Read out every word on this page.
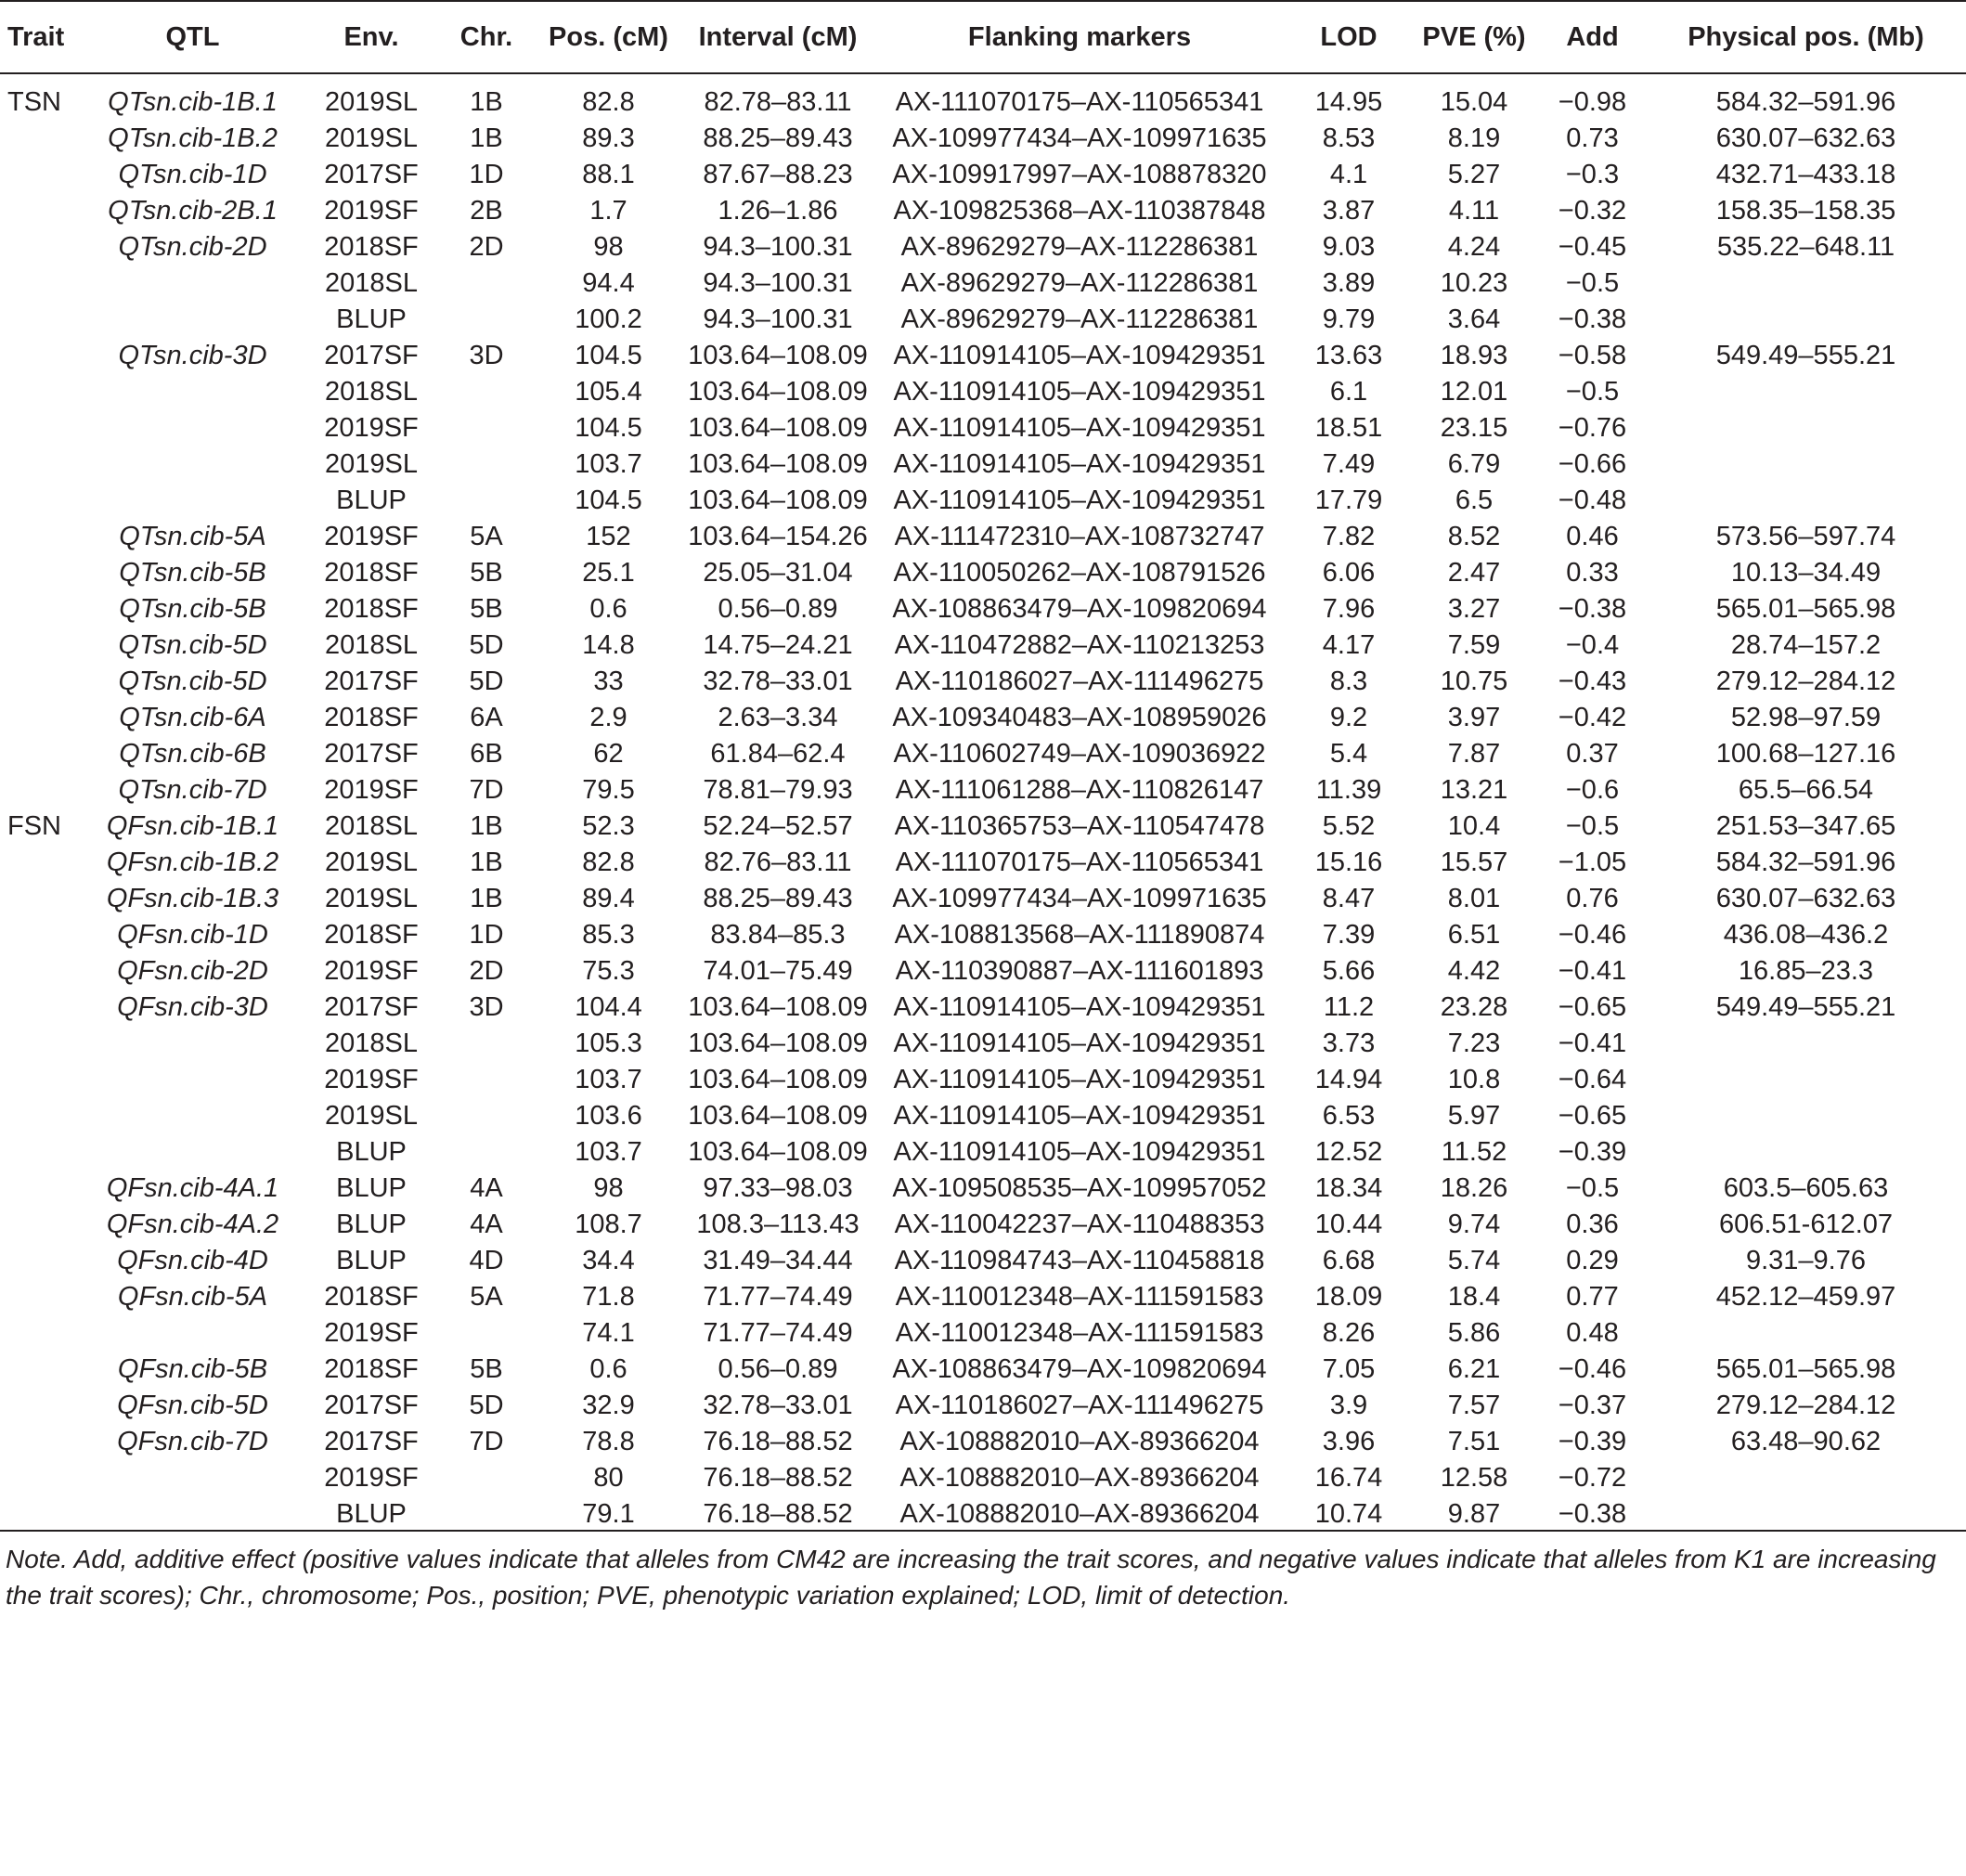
Trait	QTL	Env.	Chr.	Pos. (cM)	Interval (cM)	Flanking markers	LOD	PVE (%)	Add	Physical pos. (Mb)
TSN	QTsn.cib-1B.1	2019SL	1B	82.8	82.78–83.11	AX-111070175–AX-110565341	14.95	15.04	−0.98	584.32–591.96
	QTsn.cib-1B.2	2019SL	1B	89.3	88.25–89.43	AX-109977434–AX-109971635	8.53	8.19	0.73	630.07–632.63
	QTsn.cib-1D	2017SF	1D	88.1	87.67–88.23	AX-109917997–AX-108878320	4.1	5.27	−0.3	432.71–433.18
	QTsn.cib-2B.1	2019SF	2B	1.7	1.26–1.86	AX-109825368–AX-110387848	3.87	4.11	−0.32	158.35–158.35
	QTsn.cib-2D	2018SF	2D	98	94.3–100.31	AX-89629279–AX-112286381	9.03	4.24	−0.45	535.22–648.11
		2018SL		94.4	94.3–100.31	AX-89629279–AX-112286381	3.89	10.23	−0.5	
		BLUP		100.2	94.3–100.31	AX-89629279–AX-112286381	9.79	3.64	−0.38	
	QTsn.cib-3D	2017SF	3D	104.5	103.64–108.09	AX-110914105–AX-109429351	13.63	18.93	−0.58	549.49–555.21
		2018SL		105.4	103.64–108.09	AX-110914105–AX-109429351	6.1	12.01	−0.5	
		2019SF		104.5	103.64–108.09	AX-110914105–AX-109429351	18.51	23.15	−0.76	
		2019SL		103.7	103.64–108.09	AX-110914105–AX-109429351	7.49	6.79	−0.66	
		BLUP		104.5	103.64–108.09	AX-110914105–AX-109429351	17.79	6.5	−0.48	
	QTsn.cib-5A	2019SF	5A	152	103.64–154.26	AX-111472310–AX-108732747	7.82	8.52	0.46	573.56–597.74
	QTsn.cib-5B	2018SF	5B	25.1	25.05–31.04	AX-110050262–AX-108791526	6.06	2.47	0.33	10.13–34.49
	QTsn.cib-5B	2018SF	5B	0.6	0.56–0.89	AX-108863479–AX-109820694	7.96	3.27	−0.38	565.01–565.98
	QTsn.cib-5D	2018SL	5D	14.8	14.75–24.21	AX-110472882–AX-110213253	4.17	7.59	−0.4	28.74–157.2
	QTsn.cib-5D	2017SF	5D	33	32.78–33.01	AX-110186027–AX-111496275	8.3	10.75	−0.43	279.12–284.12
	QTsn.cib-6A	2018SF	6A	2.9	2.63–3.34	AX-109340483–AX-108959026	9.2	3.97	−0.42	52.98–97.59
	QTsn.cib-6B	2017SF	6B	62	61.84–62.4	AX-110602749–AX-109036922	5.4	7.87	0.37	100.68–127.16
	QTsn.cib-7D	2019SF	7D	79.5	78.81–79.93	AX-111061288–AX-110826147	11.39	13.21	−0.6	65.5–66.54
FSN	QFsn.cib-1B.1	2018SL	1B	52.3	52.24–52.57	AX-110365753–AX-110547478	5.52	10.4	−0.5	251.53–347.65
	QFsn.cib-1B.2	2019SL	1B	82.8	82.76–83.11	AX-111070175–AX-110565341	15.16	15.57	−1.05	584.32–591.96
	QFsn.cib-1B.3	2019SL	1B	89.4	88.25–89.43	AX-109977434–AX-109971635	8.47	8.01	0.76	630.07–632.63
	QFsn.cib-1D	2018SF	1D	85.3	83.84–85.3	AX-108813568–AX-111890874	7.39	6.51	−0.46	436.08–436.2
	QFsn.cib-2D	2019SF	2D	75.3	74.01–75.49	AX-110390887–AX-111601893	5.66	4.42	−0.41	16.85–23.3
	QFsn.cib-3D	2017SF	3D	104.4	103.64–108.09	AX-110914105–AX-109429351	11.2	23.28	−0.65	549.49–555.21
		2018SL		105.3	103.64–108.09	AX-110914105–AX-109429351	3.73	7.23	−0.41	
		2019SF		103.7	103.64–108.09	AX-110914105–AX-109429351	14.94	10.8	−0.64	
		2019SL		103.6	103.64–108.09	AX-110914105–AX-109429351	6.53	5.97	−0.65	
		BLUP		103.7	103.64–108.09	AX-110914105–AX-109429351	12.52	11.52	−0.39	
	QFsn.cib-4A.1	BLUP	4A	98	97.33–98.03	AX-109508535–AX-109957052	18.34	18.26	−0.5	603.5–605.63
	QFsn.cib-4A.2	BLUP	4A	108.7	108.3–113.43	AX-110042237–AX-110488353	10.44	9.74	0.36	606.51-612.07
	QFsn.cib-4D	BLUP	4D	34.4	31.49–34.44	AX-110984743–AX-110458818	6.68	5.74	0.29	9.31–9.76
	QFsn.cib-5A	2018SF	5A	71.8	71.77–74.49	AX-110012348–AX-111591583	18.09	18.4	0.77	452.12–459.97
		2019SF		74.1	71.77–74.49	AX-110012348–AX-111591583	8.26	5.86	0.48	
	QFsn.cib-5B	2018SF	5B	0.6	0.56–0.89	AX-108863479–AX-109820694	7.05	6.21	−0.46	565.01–565.98
	QFsn.cib-5D	2017SF	5D	32.9	32.78–33.01	AX-110186027–AX-111496275	3.9	7.57	−0.37	279.12–284.12
	QFsn.cib-7D	2017SF	7D	78.8	76.18–88.52	AX-108882010–AX-89366204	3.96	7.51	−0.39	63.48–90.62
		2019SF		80	76.18–88.52	AX-108882010–AX-89366204	16.74	12.58	−0.72	
		BLUP		79.1	76.18–88.52	AX-108882010–AX-89366204	10.74	9.87	−0.38	
Note. Add, additive effect (positive values indicate that alleles from CM42 are increasing the trait scores, and negative values indicate that alleles from K1 are increasing the trait scores); Chr., chromosome; Pos., position; PVE, phenotypic variation explained; LOD, limit of detection.
